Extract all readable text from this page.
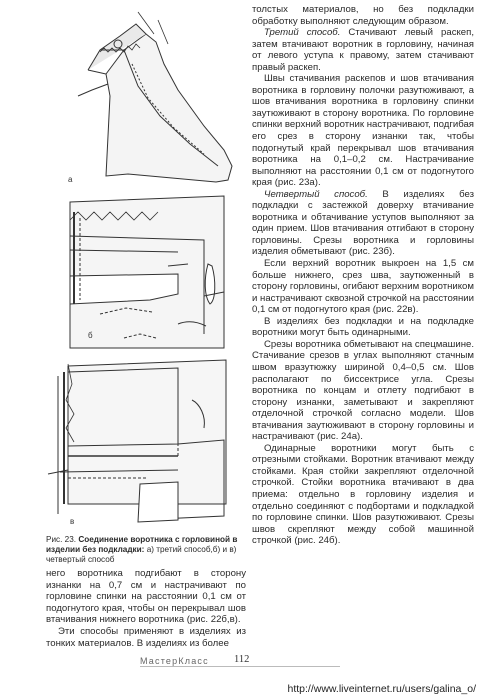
а
б
в
Рис. 23. Соединение воротника с горловиной в изделии без подкладки: а) третий способ,б) и в) четвертый способ

него воротника подгибают в сторону изнанки на 0,7 см и настрачивают по горловине спинки на расстоянии 0,1 см от подогнутого края, чтобы он перекрывал шов втачивания нижнего воротника (рис. 22б,в).

Эти способы применяют в изделиях из тонких материалов. В изделиях из более

толстых материалов, но без подкладки обработку выполняют следующим образом.

Третий способ. Стачивают левый раскеп, затем втачивают воротник в горловину, начиная от левого уступа к правому, затем стачивают правый раскеп.

Швы стачивания раскепов и шов втачивания воротника в горловину полочки разутюживают, а шов втачивания воротника в горловину спинки заутюживают в сторону воротника. По горловине спинки верхний воротник настрачивают, подгибая его срез в сторону изнанки так, чтобы подогнутый край перекрывал шов втачивания воротника на 0,1–0,2 см. Настрачивание выполняют на расстоянии 0,1 см от подогнутого края (рис. 23а).

Четвертый способ. В изделиях без подкладки с застежкой доверху втачивание воротника и обтачивание уступов выполняют за один прием. Шов втачивания отгибают в сторону горловины. Срезы воротника и горловины изделия обметывают (рис. 23б).

Если верхний воротник выкроен на 1,5 см больше нижнего, срез шва, заутюженный в сторону горловины, огибают верхним воротником и настрачивают сквозной строчкой на расстоянии 0,1 см от подогнутого края (рис. 22в).

В изделиях без подкладки и на подкладке воротники могут быть одинарными.

Срезы воротника обметывают на спецмашине. Стачивание срезов в углах выполняют стачным швом вразутюжку шириной 0,4–0,5 см. Шов располагают по биссектрисе угла. Срезы воротника по концам и отлету подгибают в сторону изнанки, заметывают и закрепляют отделочной строчкой согласно модели. Шов втачивания заутюживают в сторону горловины и настрачивают (рис. 24а).

Одинарные воротники могут быть с отрезными стойками. Воротник втачивают между стойками. Края стойки закрепляют отделочной строчкой. Стойки воротника втачивают в два приема: отдельно в горловину изделия и отдельно соединяют с подбортами и подкладкой по горловине спинки. Шов разутюживают. Срезы швов скрепляют между собой машинной строчкой (рис. 24б).

МастерКласс 112
http://www.liveinternet.ru/users/galina_o/
